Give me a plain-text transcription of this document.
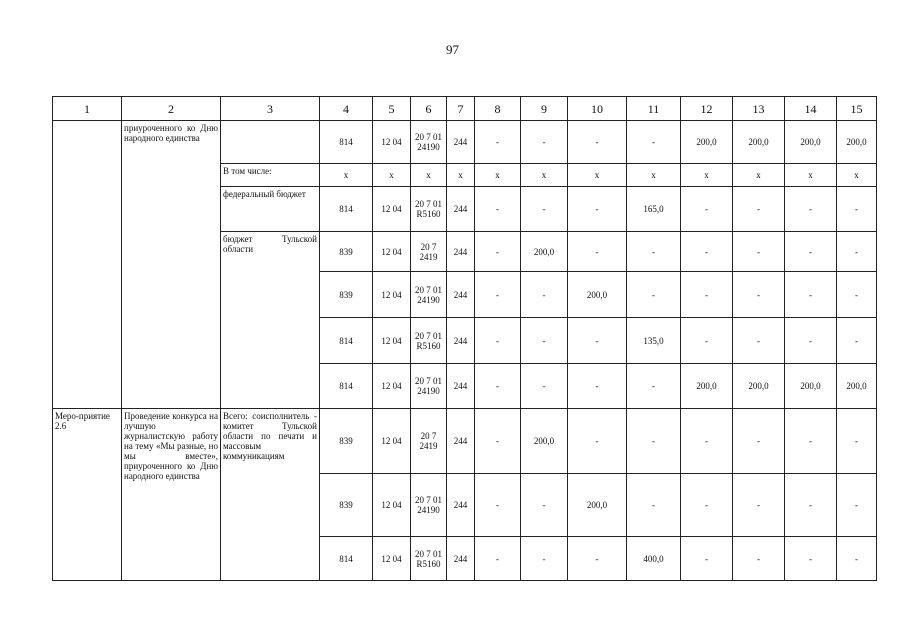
97
1	2	3	4	5	6	7	8	9	10	11	12	13	14	15
	приуроченного ко Дню народного единства		814	12 04	20 7 01 24190	244	-	-	-	-	200,0	200,0	200,0	200,0
		В том числе:	х	х	х	х	х	х	х	х	х	х	х	х
		федеральный бюджет	814	12 04	20 7 01 R5160	244	-	-	-	165,0	-	-	-	-
		бюджет Тульской области	839	12 04	20 7 2419	244	-	200,0	-	-	-	-	-	-
			839	12 04	20 7 01 24190	244	-	-	200,0	-	-	-	-	-
			814	12 04	20 7 01 R5160	244	-	-	-	135,0	-	-	-	-
			814	12 04	20 7 01 24190	244	-	-	-	-	200,0	200,0	200,0	200,0
Меро-приятие 2.6	Проведение конкурса на лучшую журналистскую работу на тему «Мы разные, но мы вместе», приуроченного ко Дню народного единства	Всего: соисполнитель - комитет Тульской области по печати и массовым коммуникациям	839	12 04	20 7 2419	244	-	200,0	-	-	-	-	-	-
			839	12 04	20 7 01 24190	244	-	-	200,0	-	-	-	-	-
			814	12 04	20 7 01 R5160	244	-	-	-	400,0	-	-	-	-
